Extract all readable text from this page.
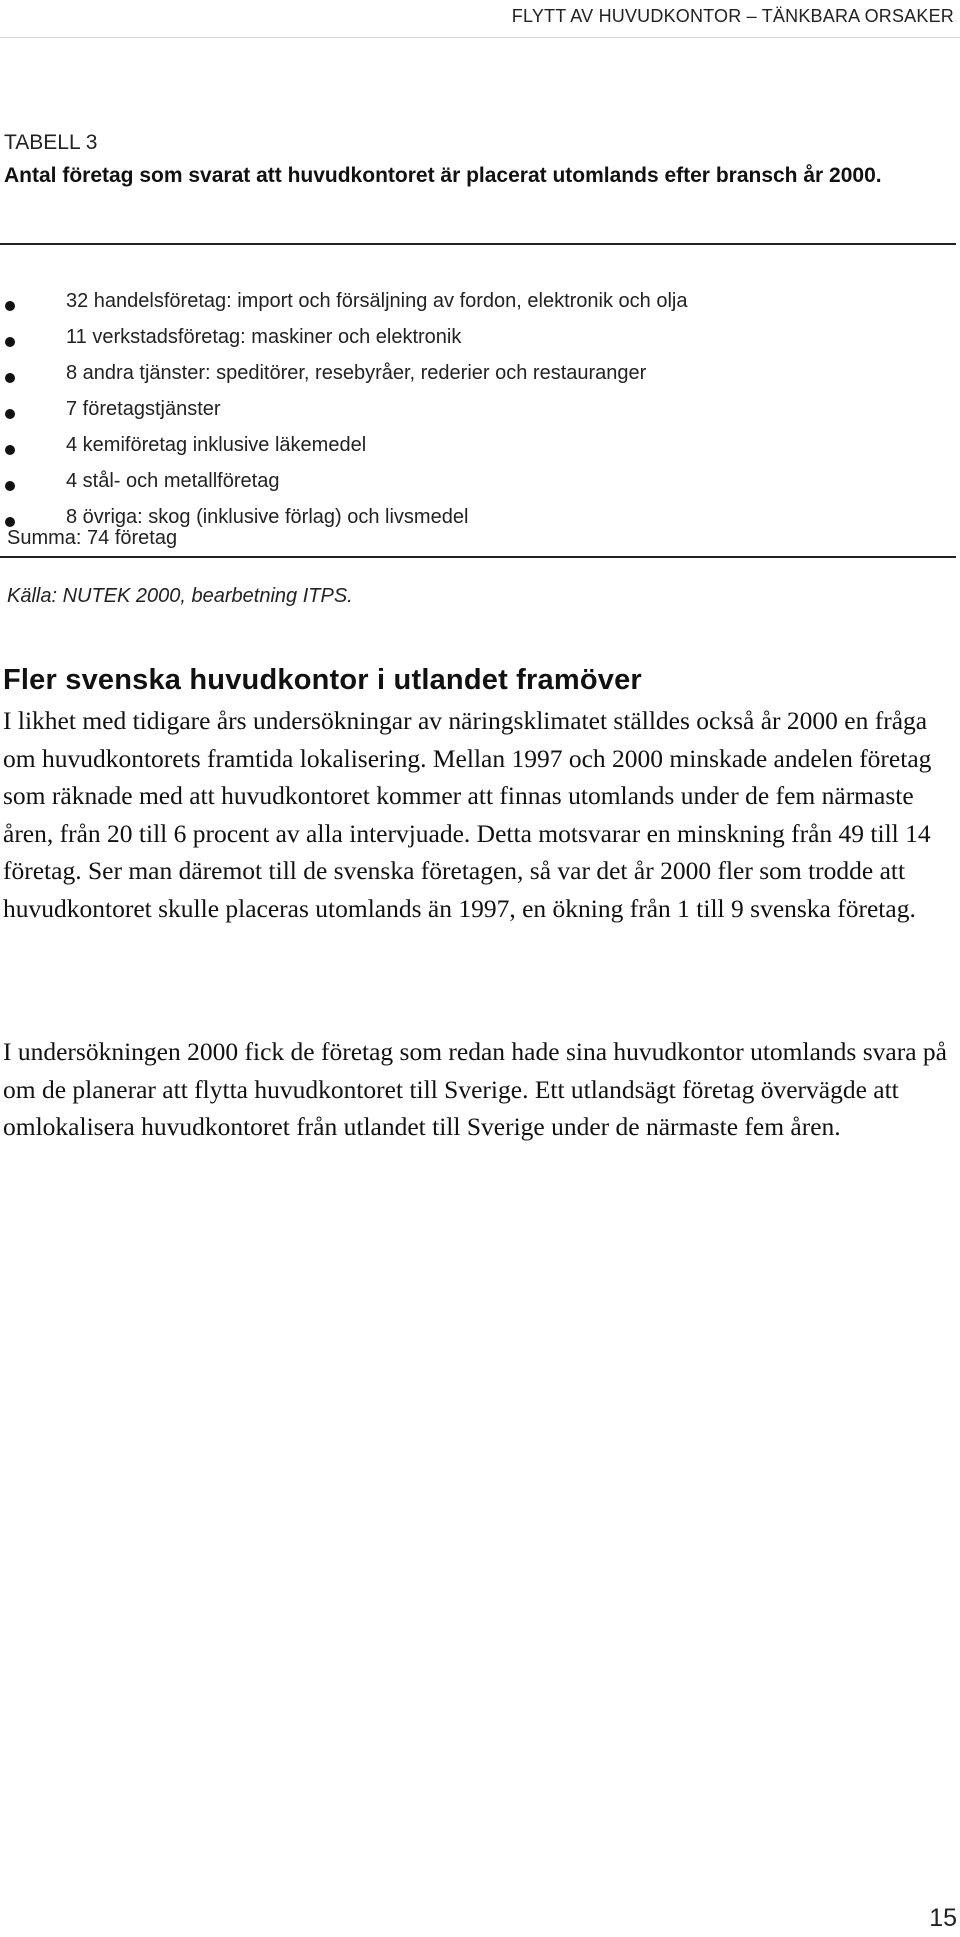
FLYTT AV HUVUDKONTOR – TÄNKBARA ORSAKER
TABELL 3
Antal företag som svarat att huvudkontoret är placerat utomlands efter bransch år 2000.
32 handelsföretag: import och försäljning av fordon, elektronik och olja
11 verkstadsföretag: maskiner och elektronik
8 andra tjänster: speditörer, resebyråer, rederier och restauranger
7 företagstjänster
4 kemiföretag inklusive läkemedel
4 stål- och metallföretag
8 övriga: skog (inklusive förlag) och livsmedel
Summa: 74 företag
Källa: NUTEK 2000, bearbetning ITPS.
Fler svenska huvudkontor i utlandet framöver

I likhet med tidigare års undersökningar av näringsklimatet ställdes också år 2000 en fråga om huvudkontorets framtida lokalisering. Mellan 1997 och 2000 minskade andelen företag som räknade med att huvudkontoret kommer att finnas utomlands under de fem närmaste åren, från 20 till 6 procent av alla intervjuade. Detta motsvarar en minskning från 49 till 14 företag. Ser man däremot till de svenska företagen, så var det år 2000 fler som trodde att huvudkontoret skulle placeras utomlands än 1997, en ökning från 1 till 9 svenska företag.

I undersökningen 2000 fick de företag som redan hade sina huvudkontor utomlands svara på om de planerar att flytta huvudkontoret till Sverige. Ett utlandsägt företag övervägde att omlokalisera huvudkontoret från utlandet till Sverige under de närmaste fem åren.

15
